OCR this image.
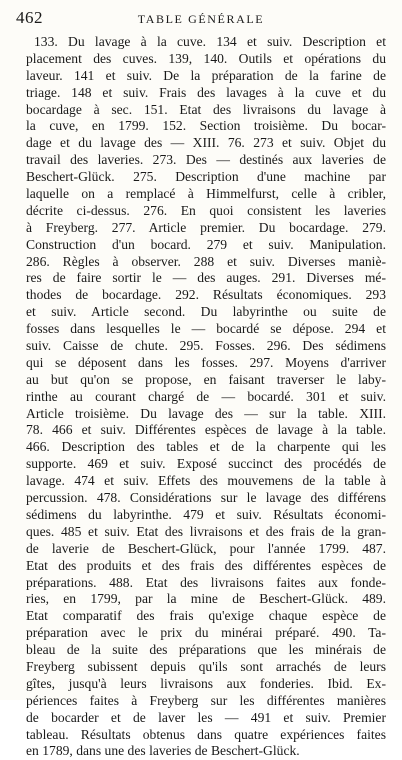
462	TABLE GÉNÉRALE
133. Du lavage à la cuve. 134 et suiv. Description et
placement des cuves. 139, 140. Outils et opérations du
laveur. 141 et suiv. De la préparation de la farine de
triage. 148 et suiv. Frais des lavages à la cuve et du
bocardage à sec. 151. Etat des livraisons du lavage à
la cuve, en 1799. 152. Section troisième. Du bocar-
dage et du lavage des — XIII. 76. 273 et suiv. Objet du
travail des laveries. 273. Des — destinés aux laveries de
Beschert-Glück. 275. Description d'une machine par
laquelle on a remplacé à Himmelfurst, celle à cribler,
décrite ci-dessus. 276. En quoi consistent les laveries
à Freyberg. 277. Article premier. Du bocardage. 279.
Construction d'un bocard. 279 et suiv. Manipulation.
286. Règles à observer. 288 et suiv. Diverses maniè-
res de faire sortir le — des auges. 291. Diverses mé-
thodes de bocardage. 292. Résultats économiques. 293
et suiv. Article second. Du labyrinthe ou suite de
fosses dans lesquelles le — bocardé se dépose. 294 et
suiv. Caisse de chute. 295. Fosses. 296. Des sédimens
qui se déposent dans les fosses. 297. Moyens d'arriver
au but qu'on se propose, en faisant traverser le laby-
rinthe au courant chargé de — bocardé. 301 et suiv.
Article troisième. Du lavage des — sur la table. XIII.
78. 466 et suiv. Différentes espèces de lavage à la table.
466. Description des tables et de la charpente qui les
supporte. 469 et suiv. Exposé succinct des procédés de
lavage. 474 et suiv. Effets des mouvemens de la table à
percussion. 478. Considérations sur le lavage des différens
sédimens du labyrinthe. 479 et suiv. Résultats économi-
ques. 485 et suiv. Etat des livraisons et des frais de la gran-
de laverie de Beschert-Glück, pour l'année 1799. 487.
Etat des produits et des frais des différentes espèces de
préparations. 488. Etat des livraisons faites aux fonde-
ries, en 1799, par la mine de Beschert-Glück. 489.
Etat comparatif des frais qu'exige chaque espèce de
préparation avec le prix du minérai préparé. 490. Ta-
bleau de la suite des préparations que les minérais de
Freyberg subissent depuis qu'ils sont arrachés de leurs
gîtes, jusqu'à leurs livraisons aux fonderies. Ibid. Ex-
périences faites à Freyberg sur les différentes manières
de bocarder et de laver les — 491 et suiv. Premier
tableau. Résultats obtenus dans quatre expériences faites
en 1789, dans une des laveries de Beschert-Glück.
